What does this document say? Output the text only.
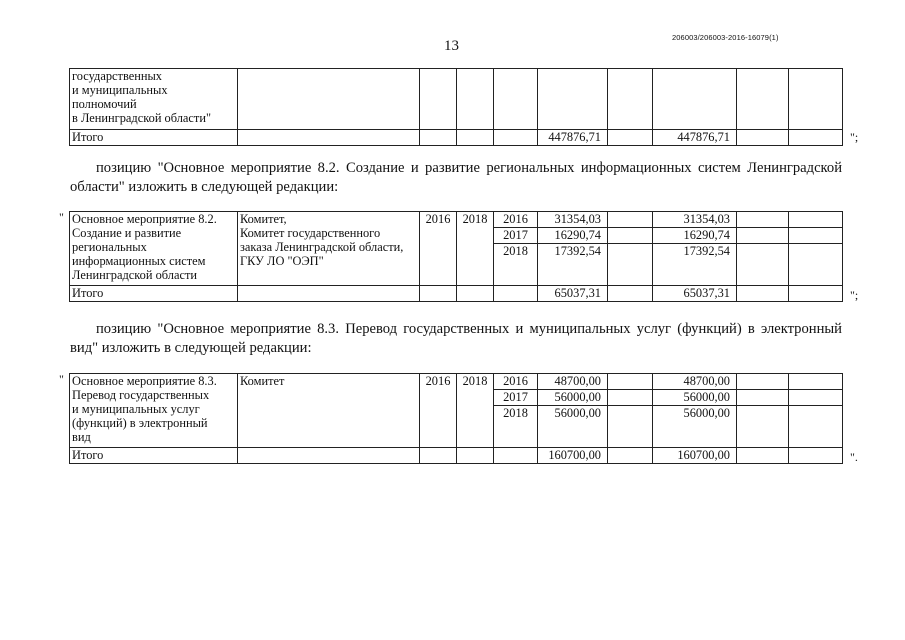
13
206003/206003-2016-16079(1)
государственных
и муниципальных
полномочий
в Ленинградской области"									
Итого					447876,71		447876,71			";
позицию "Основное мероприятие 8.2. Создание и развитие региональных информационных систем Ленинградской области" изложить в следующей редакции:
" Основное мероприятие 8.2.
Создание и развитие
региональных
информационных систем
Ленинградской области	Комитет,
Комитет государственного
заказа Ленинградской области,
ГКУ ЛО "ОЭП"	2016	2018	2016	31354,03		31354,03		
				2017	16290,74		16290,74		
				2018	17392,54		17392,54		
Итого					65037,31		65037,31			";
позицию "Основное мероприятие 8.3. Перевод государственных и муниципальных услуг (функций) в электронный вид" изложить в следующей редакции:
" Основное мероприятие 8.3.
Перевод государственных
и муниципальных услуг
(функций) в электронный
вид	Комитет	2016	2018	2016	48700,00		48700,00		
				2017	56000,00		56000,00		
				2018	56000,00		56000,00		
Итого					160700,00		160700,00			".
